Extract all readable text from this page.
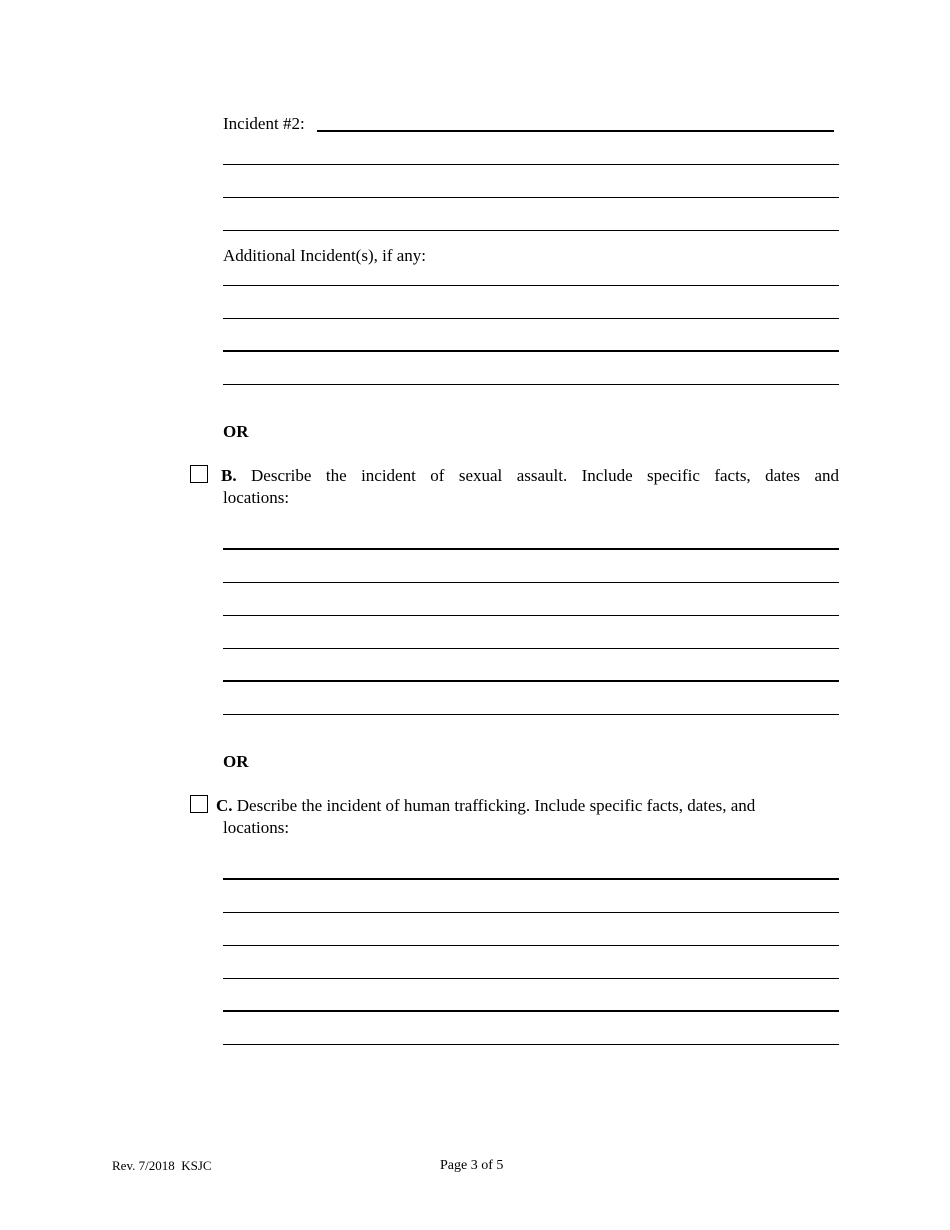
Incident #2:
Additional Incident(s), if any:
OR
B. Describe the incident of sexual assault. Include specific facts, dates and
locations:
OR
C. Describe the incident of human trafficking. Include specific facts, dates, and
locations:
Rev. 7/2018  KSJC	Page 3 of 5
